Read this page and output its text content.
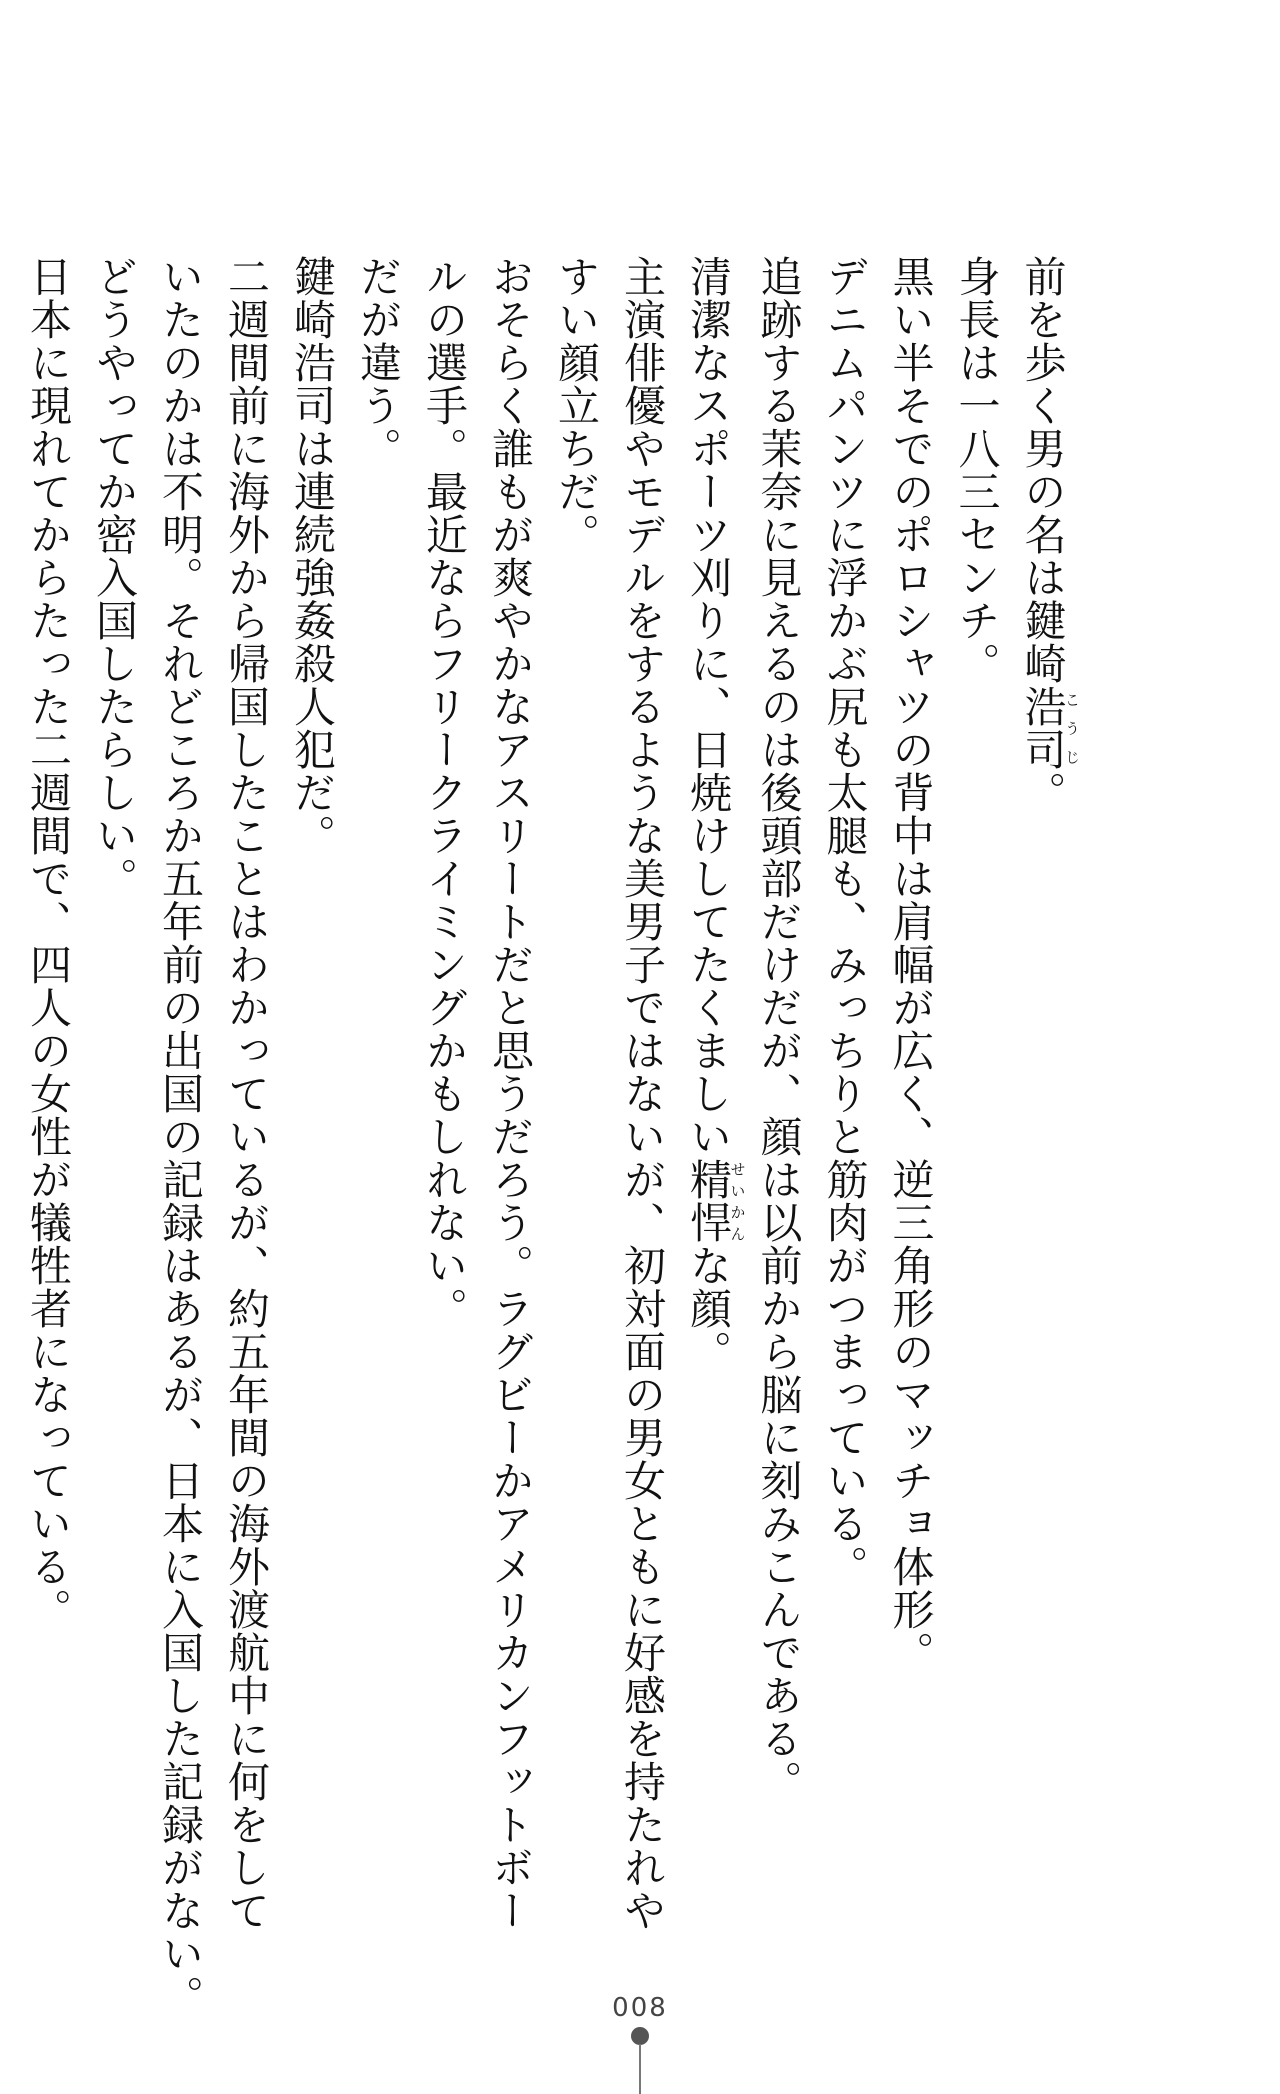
前を歩く男の名は鍵崎浩司こうじ。
身長は一八三センチ。
黒い半そでのポロシャツの背中は肩幅が広く、逆三角形のマッチョ体形。
デニムパンツに浮かぶ尻も太腿も、みっちりと筋肉がつまっている。
追跡する茉奈に見えるのは後頭部だけだが、顔は以前から脳に刻みこんである。
清潔なスポーツ刈りに、日焼けしてたくましい精悍せいかんな顔。
主演俳優やモデルをするような美男子ではないが、初対面の男女ともに好感を持たれや
すい顔立ちだ。
おそらく誰もが爽やかなアスリートだと思うだろう。ラグビーかアメリカンフットボー
ルの選手。最近ならフリークライミングかもしれない。
だが違う。
鍵崎浩司は連続強姦殺人犯だ。
二週間前に海外から帰国したことはわかっているが、約五年間の海外渡航中に何をして
いたのかは不明。それどころか五年前の出国の記録はあるが、日本に入国した記録がない。
どうやってか密入国したらしい。
日本に現れてからたった二週間で、四人の女性が犠牲者になっている。
008
